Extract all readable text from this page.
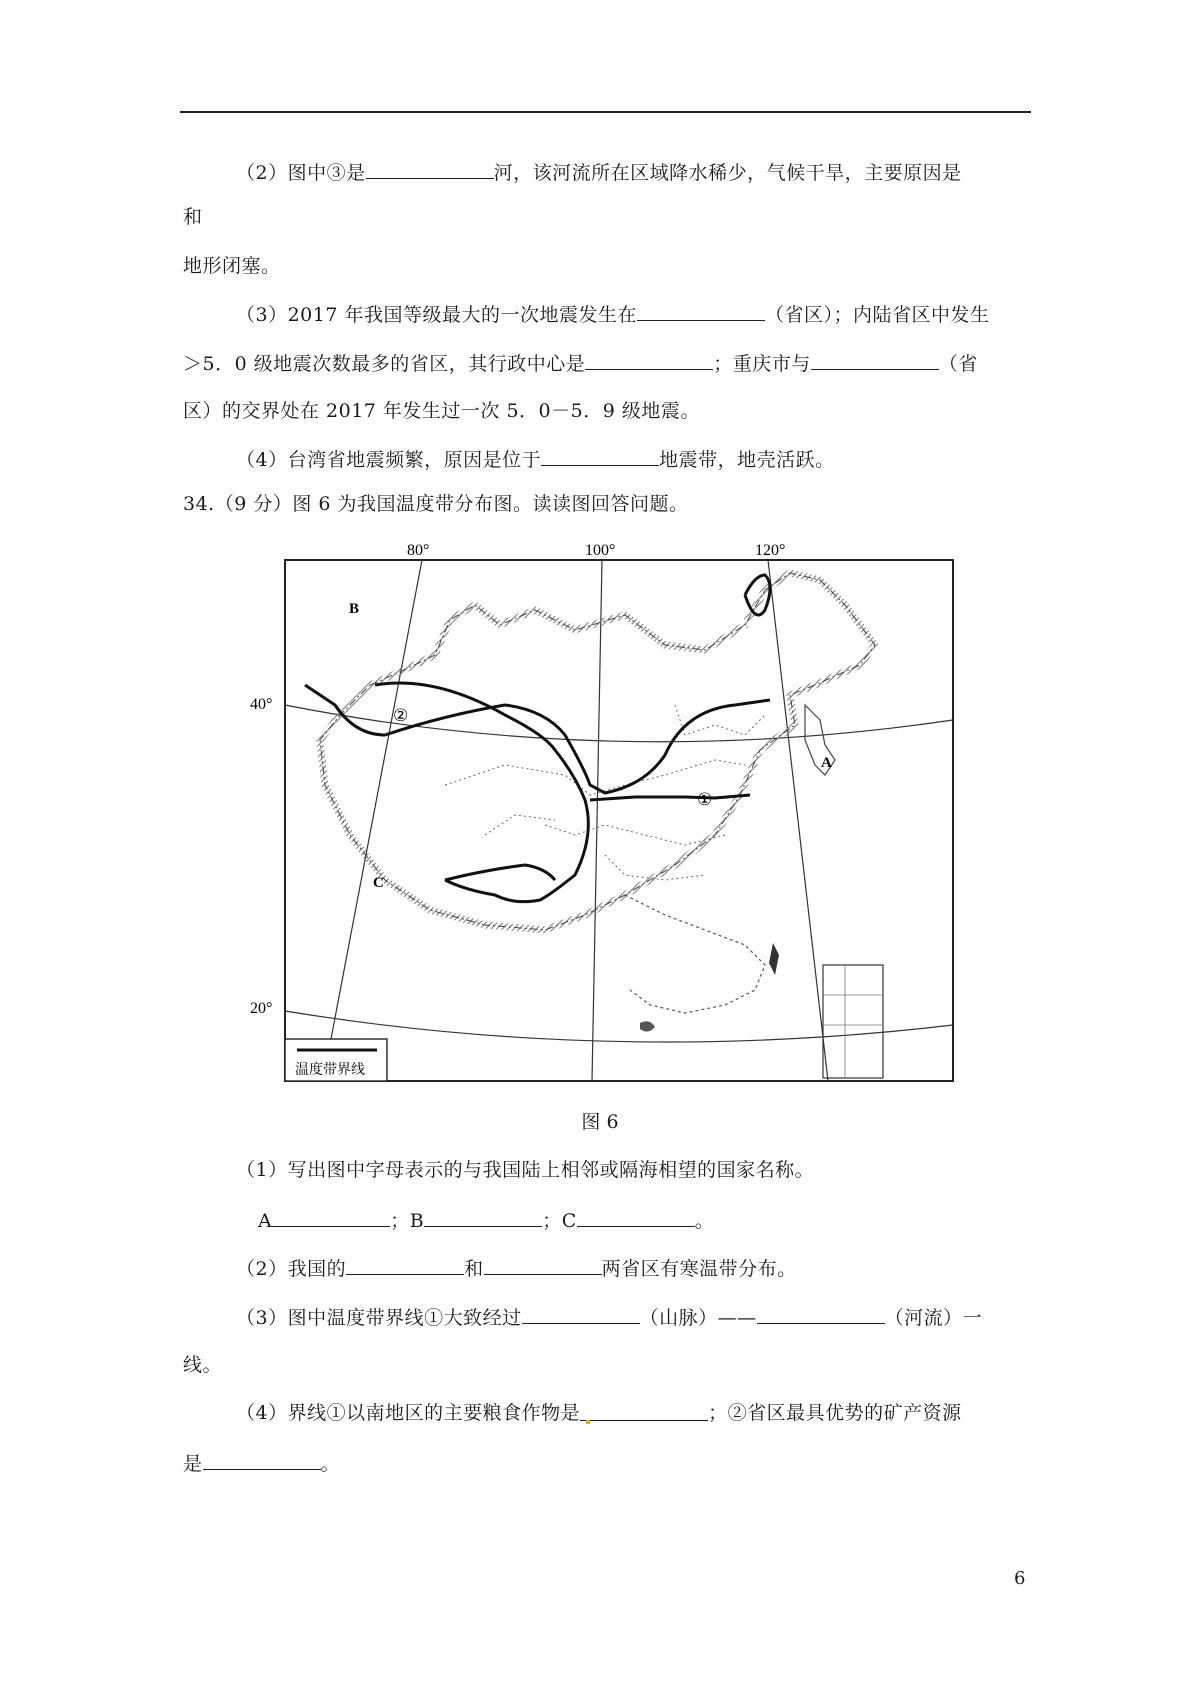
（2）图中③是	河，该河流所在区域降水稀少，气候干旱，主要原因是
和
地形闭塞。
（3）2017 年我国等级最大的一次地震发生在	（省区）；内陆省区中发生
＞5．0 级地震次数最多的省区，其行政中心是	；重庆市与	（省
区）的交界处在 2017 年发生过一次 5．0－5．9 级地震。
（4）台湾省地震频繁，原因是位于	地震带，地壳活跃。
34.（9 分）图 6 为我国温度带分布图。读读图回答问题。
80°	100°	120°
40°
20°
A
B
C
①
②
温度带界线
图 6
（1）写出图中字母表示的与我国陆上相邻或隔海相望的国家名称。
A	；B	；C	。
（2）我国的	和	两省区有寒温带分布。
（3）图中温度带界线①大致经过	（山脉）——	（河流）一
线。
（4）界线①以南地区的主要粮食作物是	；②省区最具优势的矿产资源
是	。
6
